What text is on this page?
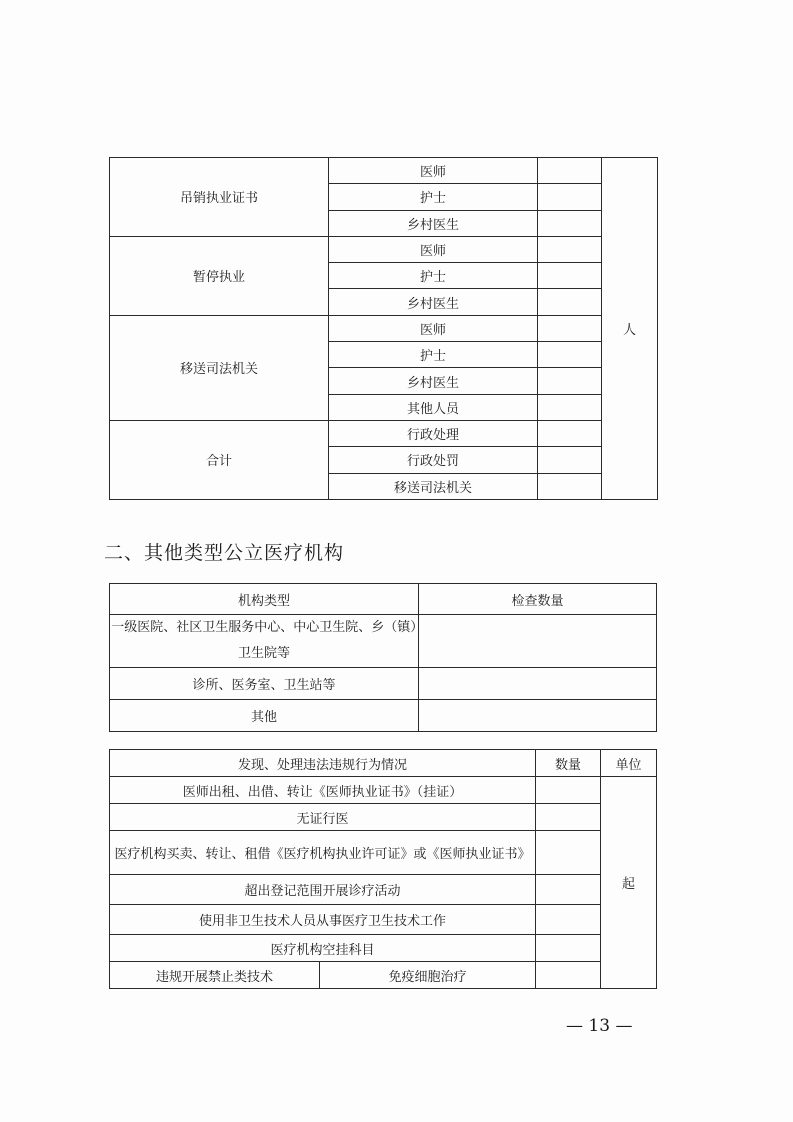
吊销执业证书	医师		人
	护士		
	乡村医生		
暂停执业	医师		
	护士		
	乡村医生		
移送司法机关	医师		
	护士		
	乡村医生		
	其他人员		
合计	行政处理		
	行政处罚		
	移送司法机关		
二、其他类型公立医疗机构
机构类型	检查数量
一级医院、社区卫生服务中心、中心卫生院、乡（镇）卫生院等	
诊所、医务室、卫生站等	
其他	
发现、处理违法违规行为情况		数量	单位
医师出租、出借、转让《医师执业证书》（挂证）			起
无证行医			
医疗机构买卖、转让、租借《医疗机构执业许可证》或《医师执业证书》			
超出登记范围开展诊疗活动			
使用非卫生技术人员从事医疗卫生技术工作			
医疗机构空挂科目			
违规开展禁止类技术	免疫细胞治疗		
— 13 —
